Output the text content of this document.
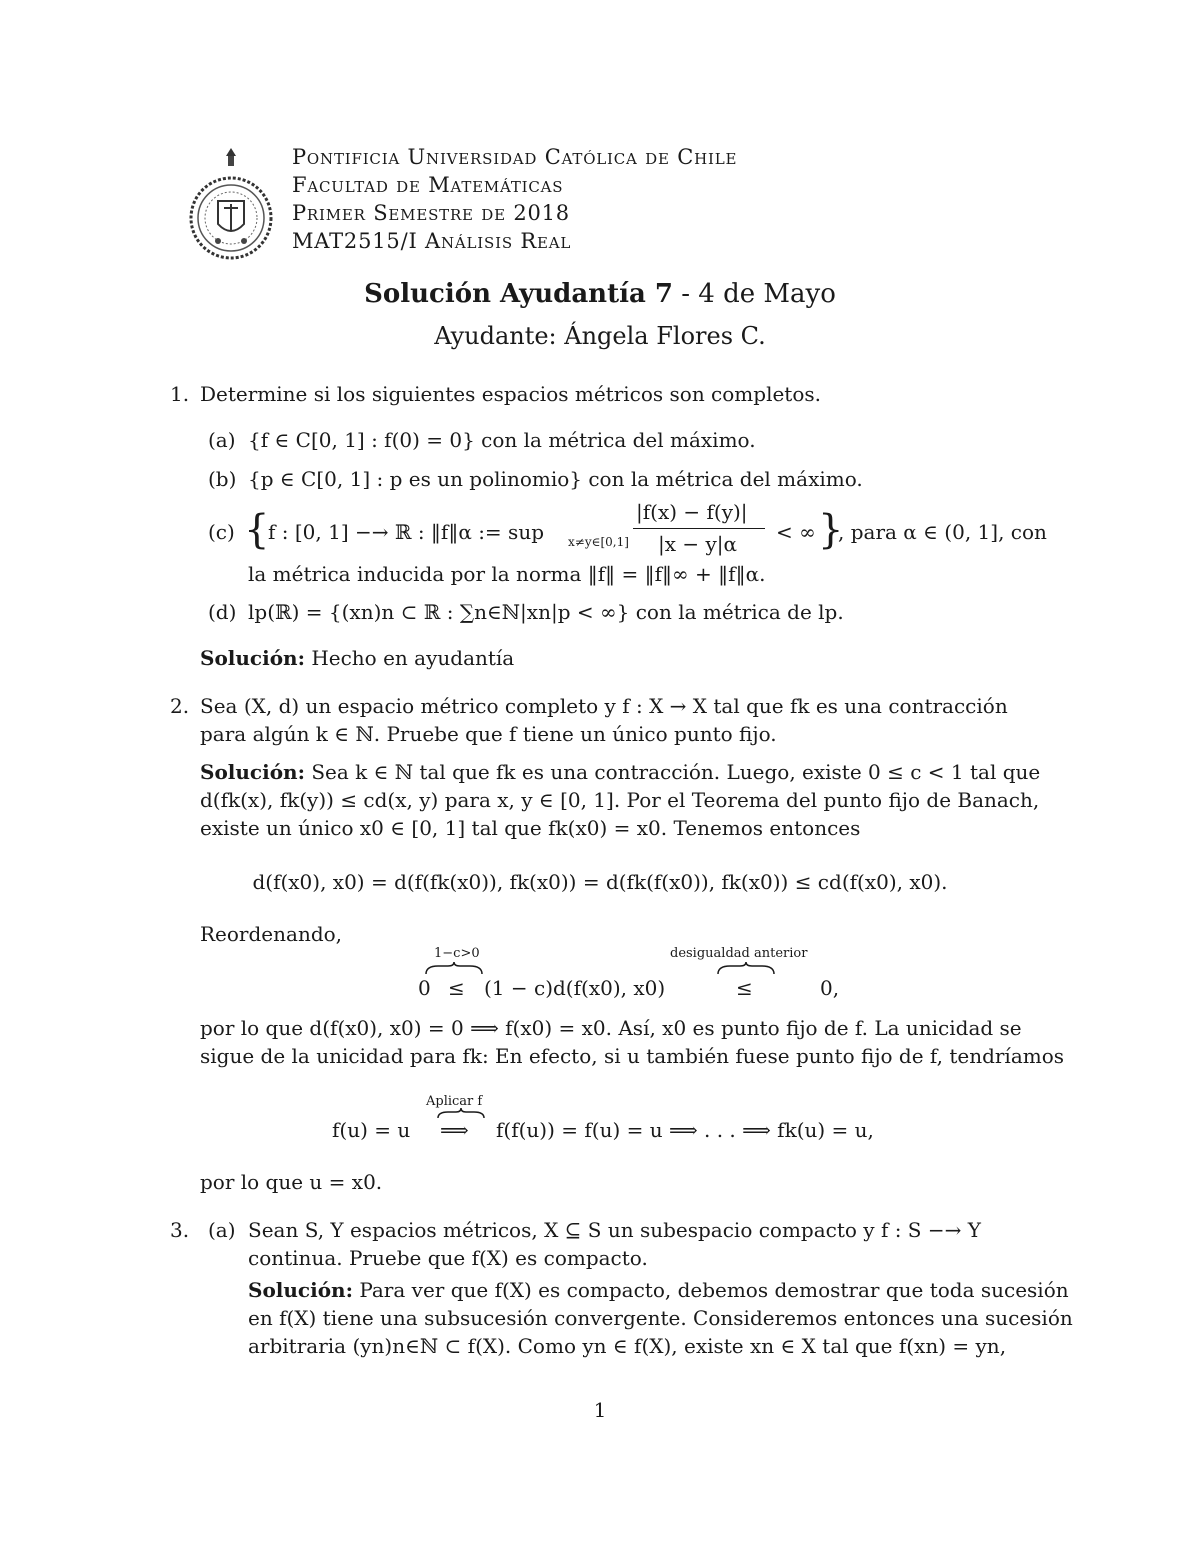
Pontificia Universidad Católica de Chile
Facultad de Matemáticas
Primer Semestre de 2018
MAT2515/I Análisis Real
Solución Ayudantía 7 - 4 de Mayo
Ayudante: Ángela Flores C.
1. Determine si los siguientes espacios métricos son completos.
(a) {f ∈ C[0, 1] : f(0) = 0} con la métrica del máximo.
(b) {p ∈ C[0, 1] : p es un polinomio} con la métrica del máximo.
(c) {
f : [0, 1] −→ ℝ : ‖f‖α := sup x≠y∈[0,1]
|f(x) − f(y)|
|x − y|α < ∞ }
, para α ∈ (0, 1], con
la métrica inducida por la norma ‖f‖ = ‖f‖∞ + ‖f‖α.
(d) lp(ℝ) = {(xn)n ⊂ ℝ : ∑n∈ℕ|xn|p < ∞} con la métrica de lp.
Solución: Hecho en ayudantía
2. Sea (X, d) un espacio métrico completo y f : X → X tal que fk es una contracción
para algún k ∈ ℕ. Pruebe que f tiene un único punto fijo.
Solución: Sea k ∈ ℕ tal que fk es una contracción. Luego, existe 0 ≤ c < 1 tal que
d(fk(x), fk(y)) ≤ cd(x, y) para x, y ∈ [0, 1]. Por el Teorema del punto fijo de Banach,
existe un único x0 ∈ [0, 1] tal que fk(x0) = x0. Tenemos entonces
d(f(x0), x0) = d(f(fk(x0)), fk(x0)) = d(fk(f(x0)), fk(x0)) ≤ cd(f(x0), x0).
Reordenando,
1−c>0	desigualdad anterior
0 ≤ (1 − c)d(f(x0), x0)	≤	0,
por lo que d(f(x0), x0) = 0 ⟹ f(x0) = x0. Así, x0 es punto fijo de f. La unicidad se
sigue de la unicidad para fk: En efecto, si u también fuese punto fijo de f, tendríamos
Aplicar f
f(u) = u ⟹ f(f(u)) = f(u) = u ⟹ . . . ⟹ fk(u) = u,
por lo que u = x0.
3. (a) Sean S, Y espacios métricos, X ⊆ S un subespacio compacto y f : S −→ Y
continua. Pruebe que f(X) es compacto.
Solución: Para ver que f(X) es compacto, debemos demostrar que toda sucesión
en f(X) tiene una subsucesión convergente. Consideremos entonces una sucesión
arbitraria (yn)n∈ℕ ⊂ f(X). Como yn ∈ f(X), existe xn ∈ X tal que f(xn) = yn,
1
